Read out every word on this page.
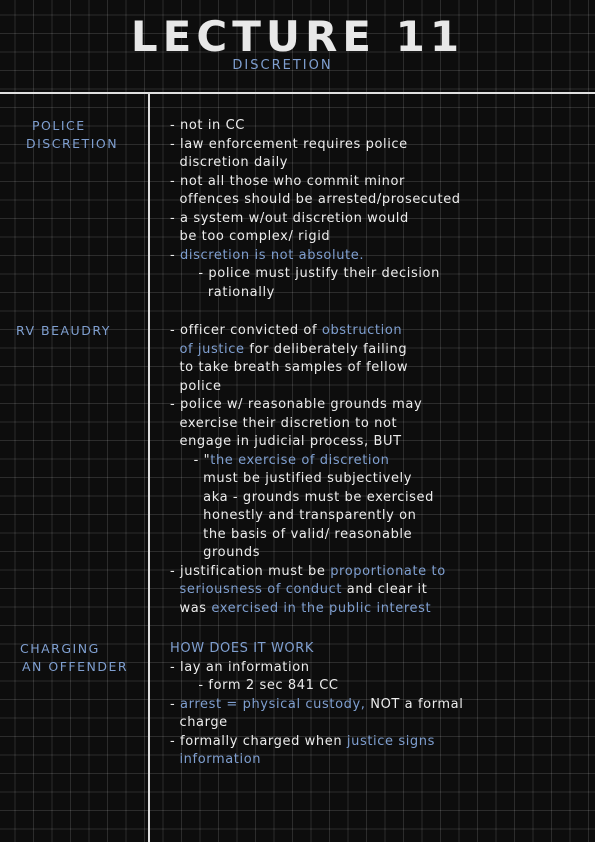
LECTURE 11
DISCRETION
POLICE
DISCRETION
- not in CC
- law enforcement requires police
discretion daily
- not all those who commit minor
offences should be arrested/prosecuted
- a system w/out discretion would
be too complex/ rigid
- discretion is not absolute.
- police must justify their decision
rationally
RV BEAUDRY	- officer convicted of obstruction
of justice for deliberately failing
to take breath samples of fellow
police
- police w/ reasonable grounds may
exercise their discretion to not
engage in judicial process, BUT
- "the exercise of discretion
must be justified subjectively
aka - grounds must be exercised
honestly and transparently on
the basis of valid/ reasonable
grounds
- justification must be proportionate to
seriousness of conduct and clear it
was exercised in the public interest
CHARGING
AN OFFENDER
HOW DOES IT WORK
- lay an information
- form 2 sec 841 CC
- arrest = physical custody, NOT a formal
charge
- formally charged when justice signs
information
